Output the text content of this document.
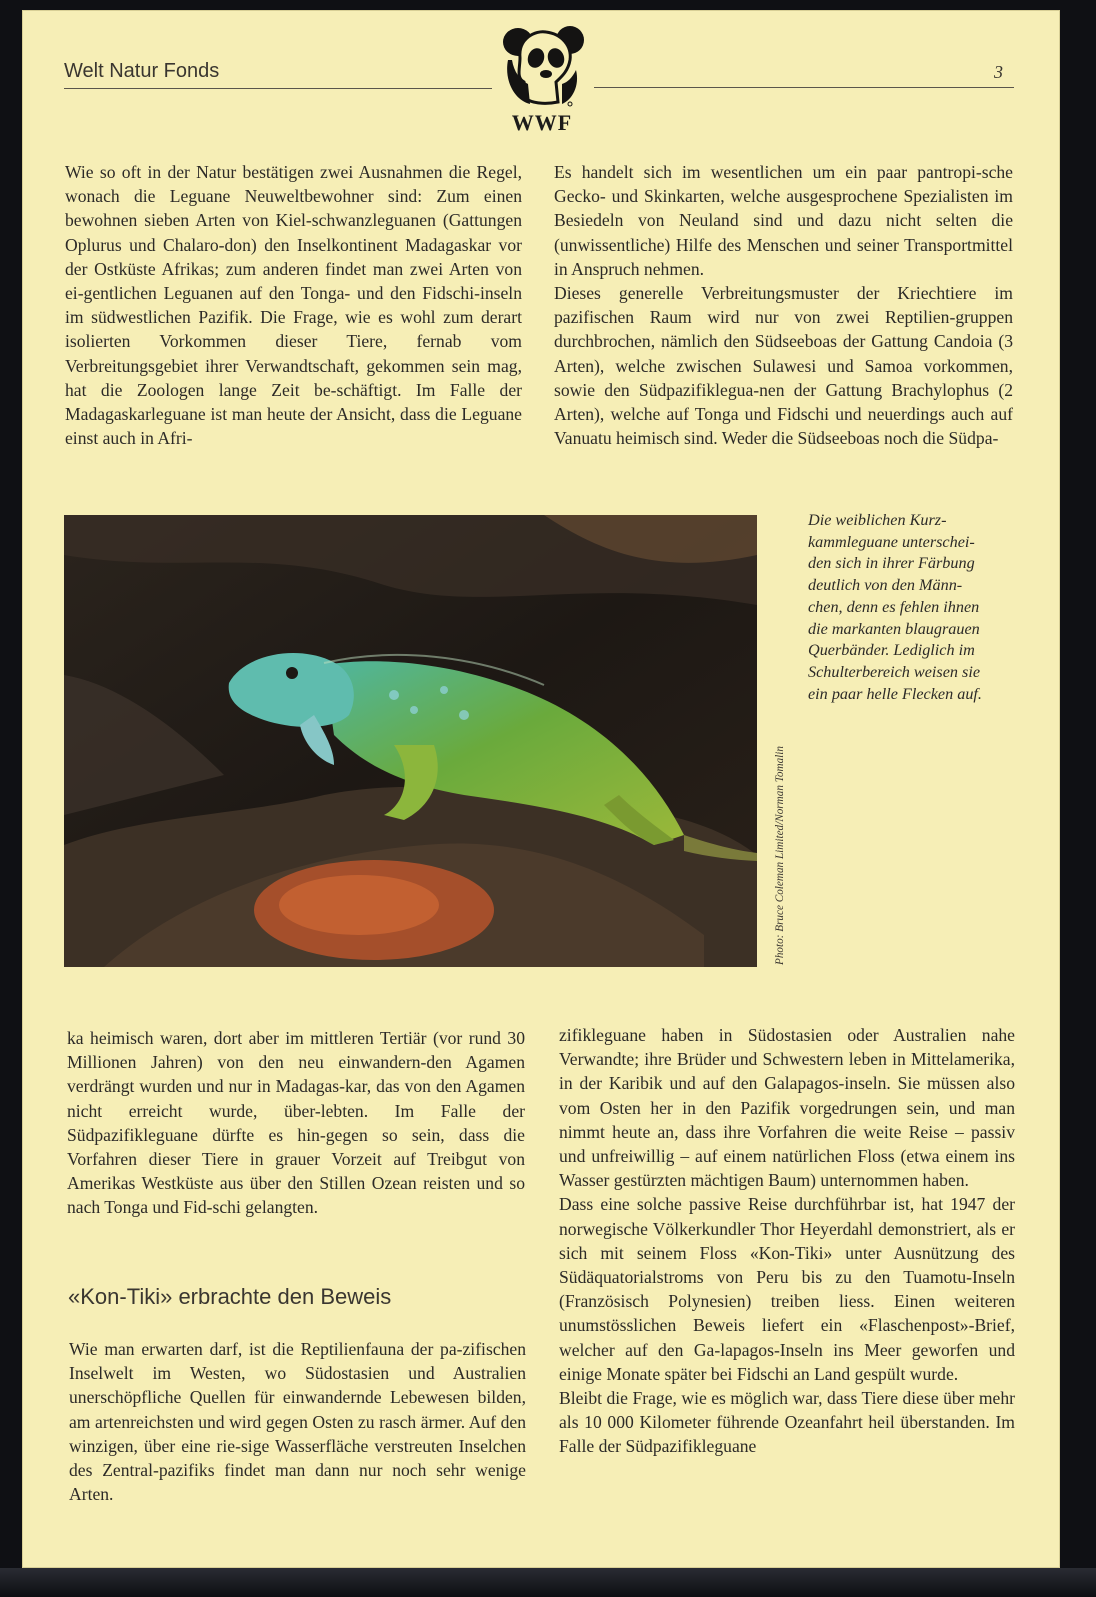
Welt Natur Fonds
WWF
3

Wie so oft in der Natur bestätigen zwei Ausnahmen die Regel, wonach die Leguane Neuweltbewohner sind: Zum einen bewohnen sieben Arten von Kiel-schwanzleguanen (Gattungen Oplurus und Chalaro-don) den Inselkontinent Madagaskar vor der Ostküste Afrikas; zum anderen findet man zwei Arten von ei-gentlichen Leguanen auf den Tonga- und den Fidschi-inseln im südwestlichen Pazifik. Die Frage, wie es wohl zum derart isolierten Vorkommen dieser Tiere, fernab vom Verbreitungsgebiet ihrer Verwandtschaft, gekommen sein mag, hat die Zoologen lange Zeit be-schäftigt. Im Falle der Madagaskarleguane ist man heute der Ansicht, dass die Leguane einst auch in Afri-

Es handelt sich im wesentlichen um ein paar pantropi-sche Gecko- und Skinkarten, welche ausgesprochene Spezialisten im Besiedeln von Neuland sind und dazu nicht selten die (unwissentliche) Hilfe des Menschen und seiner Transportmittel in Anspruch nehmen.

Dieses generelle Verbreitungsmuster der Kriechtiere im pazifischen Raum wird nur von zwei Reptilien-gruppen durchbrochen, nämlich den Südseeboas der Gattung Candoia (3 Arten), welche zwischen Sulawesi und Samoa vorkommen, sowie den Südpazifiklegua-nen der Gattung Brachylophus (2 Arten), welche auf Tonga und Fidschi und neuerdings auch auf Vanuatu heimisch sind. Weder die Südseeboas noch die Südpa-

Photo: Bruce Coleman Limited/Norman Tomalin

Die weiblichen Kurz-

kammleguane unterschei-

den sich in ihrer Färbung

deutlich von den Männ-

chen, denn es fehlen ihnen

die markanten blaugrauen

Querbänder. Lediglich im

Schulterbereich weisen sie

ein paar helle Flecken auf.

ka heimisch waren, dort aber im mittleren Tertiär (vor rund 30 Millionen Jahren) von den neu einwandern-den Agamen verdrängt wurden und nur in Madagas-kar, das von den Agamen nicht erreicht wurde, über-lebten. Im Falle der Südpazifikleguane dürfte es hin-gegen so sein, dass die Vorfahren dieser Tiere in grauer Vorzeit auf Treibgut von Amerikas Westküste aus über den Stillen Ozean reisten und so nach Tonga und Fid-schi gelangten.

«Kon-Tiki» erbrachte den Beweis

Wie man erwarten darf, ist die Reptilienfauna der pa-zifischen Inselwelt im Westen, wo Südostasien und Australien unerschöpfliche Quellen für einwandernde Lebewesen bilden, am artenreichsten und wird gegen Osten zu rasch ärmer. Auf den winzigen, über eine rie-sige Wasserfläche verstreuten Inselchen des Zentral-pazifiks findet man dann nur noch sehr wenige Arten.

zifikleguane haben in Südostasien oder Australien nahe Verwandte; ihre Brüder und Schwestern leben in Mittelamerika, in der Karibik und auf den Galapagos-inseln. Sie müssen also vom Osten her in den Pazifik vorgedrungen sein, und man nimmt heute an, dass ihre Vorfahren die weite Reise – passiv und unfreiwillig – auf einem natürlichen Floss (etwa einem ins Wasser gestürzten mächtigen Baum) unternommen haben.

Dass eine solche passive Reise durchführbar ist, hat 1947 der norwegische Völkerkundler Thor Heyerdahl demonstriert, als er sich mit seinem Floss «Kon-Tiki» unter Ausnützung des Südäquatorialstroms von Peru bis zu den Tuamotu-Inseln (Französisch Polynesien) treiben liess. Einen weiteren unumstösslichen Beweis liefert ein «Flaschenpost»-Brief, welcher auf den Ga-lapagos-Inseln ins Meer geworfen und einige Monate später bei Fidschi an Land gespült wurde.

Bleibt die Frage, wie es möglich war, dass Tiere diese über mehr als 10 000 Kilometer führende Ozeanfahrt heil überstanden. Im Falle der Südpazifikleguane
